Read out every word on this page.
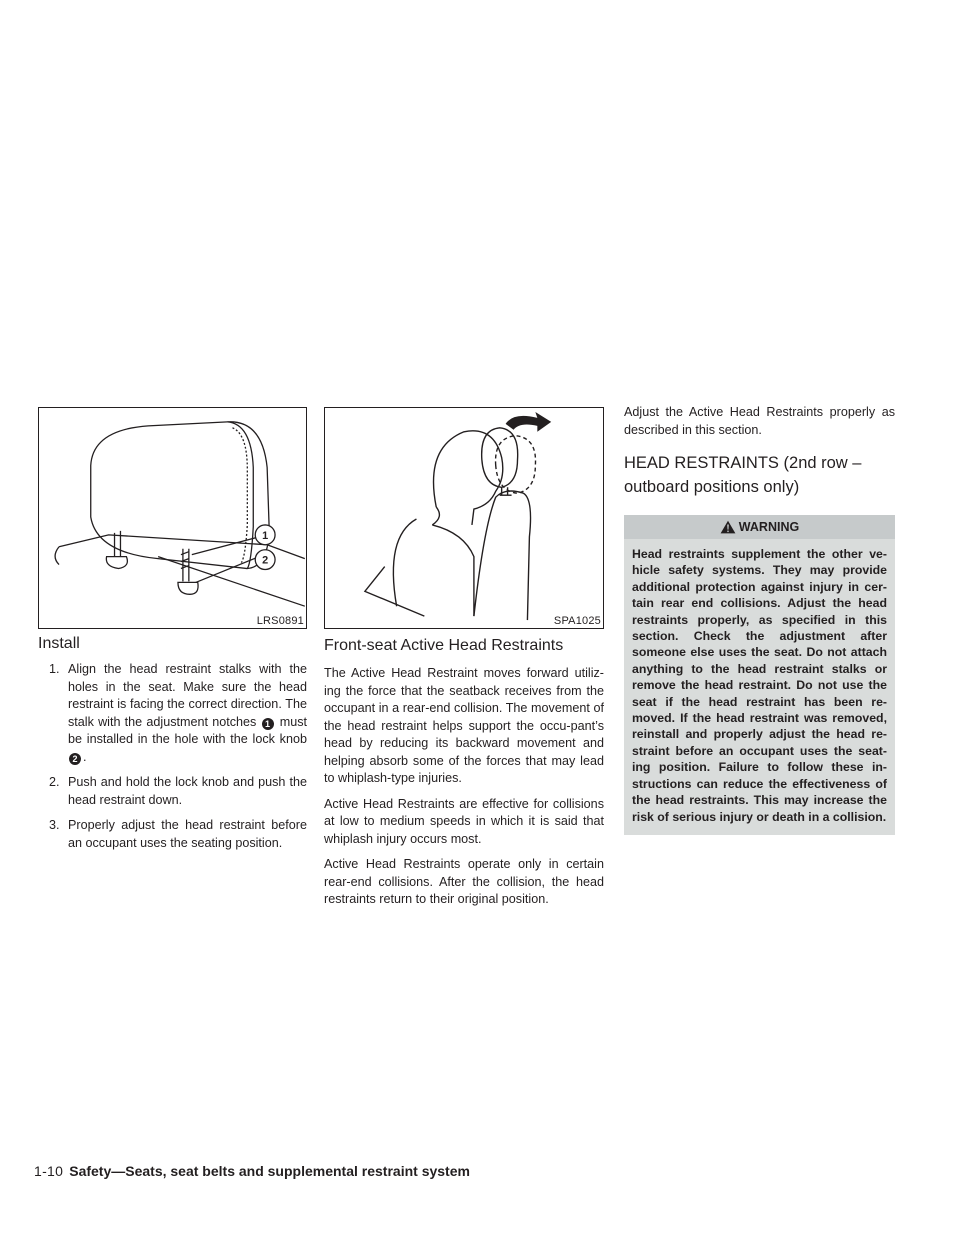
1
2
LRS0891	SPA1025
Install
1. Align the head restraint stalks with the holes in the seat. Make sure the head restraint is facing the correct direction. The stalk with the adjustment notches 1 must be installed in the hole with the lock knob 2 .
2. Push and hold the lock knob and push the head restraint down.
3. Properly adjust the head restraint before an occupant uses the seating position.
Front-seat Active Head Restraints

The Active Head Restraint moves forward utiliz-ing the force that the seatback receives from the occupant in a rear-end collision. The movement of the head restraint helps support the occu-pant’s head by reducing its backward movement and helping absorb some of the forces that may lead to whiplash-type injuries.

Active Head Restraints are effective for collisions at low to medium speeds in which it is said that whiplash injury occurs most.

Active Head Restraints operate only in certain rear-end collisions. After the collision, the head restraints return to their original position.

Adjust the Active Head Restraints properly as described in this section.

HEAD RESTRAINTS (2nd row – outboard positions only)
WARNING
Head restraints supplement the other ve-hicle safety systems. They may provide additional protection against injury in cer-tain rear end collisions. Adjust the head restraints properly, as specified in this section. Check the adjustment after someone else uses the seat. Do not attach anything to the head restraint stalks or remove the head restraint. Do not use the seat if the head restraint has been re-moved. If the head restraint was removed, reinstall and properly adjust the head re-straint before an occupant uses the seat-ing position. Failure to follow these in-structions can reduce the effectiveness of the head restraints. This may increase the risk of serious injury or death in a collision.
1-10 Safety—Seats, seat belts and supplemental restraint system
